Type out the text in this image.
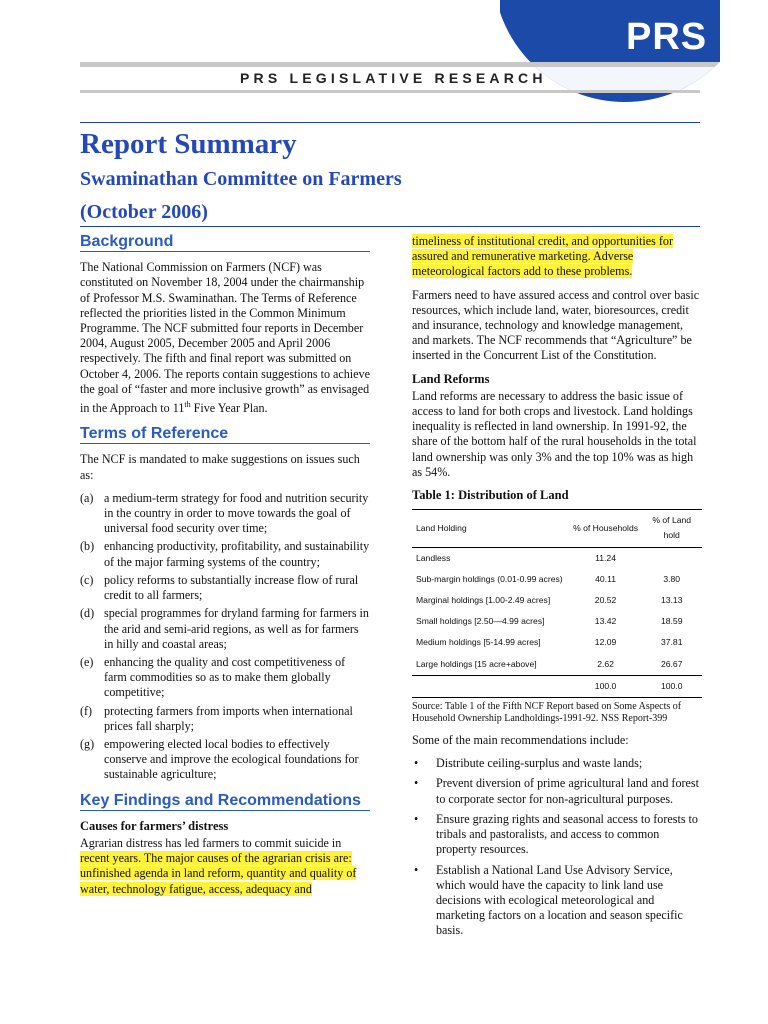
PRS
PRS LEGISLATIVE RESEARCH
Report Summary
Swaminathan Committee on Farmers
(October 2006)
Background

The National Commission on Farmers (NCF) was constituted on November 18, 2004 under the chairmanship of Professor M.S. Swaminathan. The Terms of Reference reflected the priorities listed in the Common Minimum Programme. The NCF submitted four reports in December 2004, August 2005, December 2005 and April 2006 respectively. The fifth and final report was submitted on October 4, 2006. The reports contain suggestions to achieve the goal of “faster and more inclusive growth” as envisaged in the Approach to 11th Five Year Plan.

Terms of Reference

The NCF is mandated to make suggestions on issues such as:

(a) a medium-term strategy for food and nutrition security in the country in order to move towards the goal of universal food security over time;
(b) enhancing productivity, profitability, and sustainability of the major farming systems of the country;
(c) policy reforms to substantially increase flow of rural credit to all farmers;
(d) special programmes for dryland farming for farmers in the arid and semi-arid regions, as well as for farmers in hilly and coastal areas;
(e) enhancing the quality and cost competitiveness of farm commodities so as to make them globally competitive;
(f) protecting farmers from imports when international prices fall sharply;
(g) empowering elected local bodies to effectively conserve and improve the ecological foundations for sustainable agriculture;
Key Findings and Recommendations
Causes for farmers’ distress

Agrarian distress has led farmers to commit suicide in recent years. The major causes of the agrarian crisis are: unfinished agenda in land reform, quantity and quality of water, technology fatigue, access, adequacy and

timeliness of institutional credit, and opportunities for assured and remunerative marketing. Adverse meteorological factors add to these problems.

Farmers need to have assured access and control over basic resources, which include land, water, bioresources, credit and insurance, technology and knowledge management, and markets. The NCF recommends that “Agriculture” be inserted in the Concurrent List of the Constitution.

Land Reforms

Land reforms are necessary to address the basic issue of access to land for both crops and livestock. Land holdings inequality is reflected in land ownership. In 1991-92, the share of the bottom half of the rural households in the total land ownership was only 3% and the top 10% was as high as 54%.

Table 1: Distribution of Land
Land Holding	% of Households	% of Land hold
Landless	11.24	
Sub-margin holdings (0.01-0.99 acres)	40.11	3.80
Marginal holdings [1.00-2.49 acres]	20.52	13.13
Small holdings [2.50—4.99 acres]	13.42	18.59
Medium holdings [5-14.99 acres]	12.09	37.81
Large holdings [15 acre+above]	2.62	26.67
	100.0	100.0
Source: Table 1 of the Fifth NCF Report based on Some Aspects of Household Ownership Landholdings-1991-92. NSS Report-399

Some of the main recommendations include:

•	Distribute ceiling-surplus and waste lands;
•	Prevent diversion of prime agricultural land and forest to corporate sector for non-agricultural purposes.
•	Ensure grazing rights and seasonal access to forests to tribals and pastoralists, and access to common property resources.
•	Establish a National Land Use Advisory Service, which would have the capacity to link land use decisions with ecological meteorological and marketing factors on a location and season specific basis.
